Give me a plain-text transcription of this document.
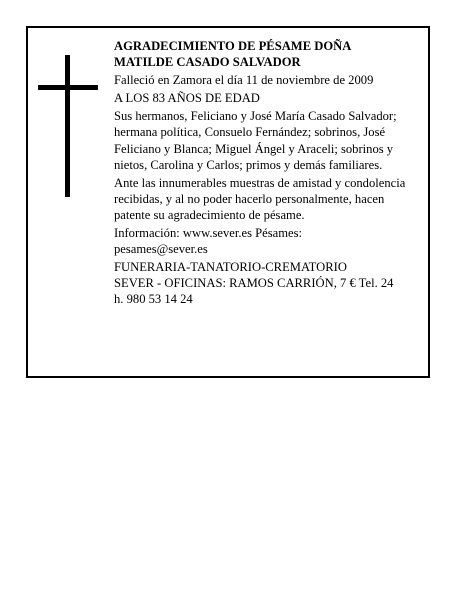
AGRADECIMIENTO DE PÉSAME DOÑA

MATILDE CASADO SALVADOR

Falleció en Zamora el día 11 de noviembre de 2009

A LOS 83 AÑOS DE EDAD

Sus hermanos, Feliciano y José María Casado Salvador; hermana política, Consuelo Fernández; sobrinos, José Feliciano y Blanca; Miguel Ángel y Araceli; sobrinos y nietos, Carolina y Carlos; primos y demás familiares.

Ante las innumerables muestras de amistad y condolencia recibidas, y al no poder hacerlo personalmente, hacen patente su agradecimiento de pésame.

Información: www.sever.es Pésames:

pesames@sever.es

FUNERARIA-TANATORIO-CREMATORIO

SEVER - OFICINAS: RAMOS CARRIÓN, 7 € Tel. 24

h. 980 53 14 24
